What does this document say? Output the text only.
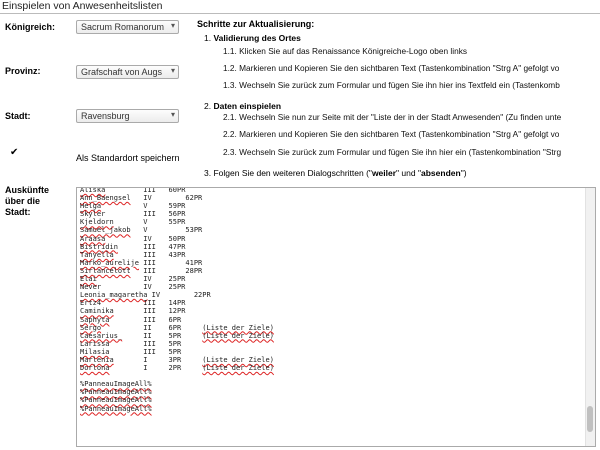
Einspielen von Anwesenheitslisten
Königreich:	Sacrum Romanorum ▾
Provinz:	Grafschaft von Augs ▾
Stadt:	Ravensburg	▾
✔	Als Standardort speichern
Auskünfte
über die
Stadt:
Schritte zur Aktualisierung:
1. Validierung des Ortes
1.1. Klicken Sie auf das Renaissance Königreiche-Logo oben links
1.2. Markieren und Kopieren Sie den sichtbaren Text (Tastenkombination "Strg A" gefolgt vo
1.3. Wechseln Sie zurück zum Formular und fügen Sie ihn hier ins Textfeld ein (Tastenkomb
2. Daten einspielen
2.1. Wechseln Sie nun zur Seite mit der "Liste der in der Stadt Anwesenden" (Zu finden unte
2.2. Markieren und Kopieren Sie den sichtbaren Text (Tastenkombination "Strg A" gefolgt vo
2.3. Wechseln Sie zurück zum Formular und fügen Sie ihn hier ein (Tastenkombination "Strg
3. Folgen Sie den weiteren Dialogschritten ("weiler" und "absenden")
Aliska	III 60PR
Ann_Baengsel IV	62PR
Helga	V	59PR
Skyler	III 56PR
Kjeldorn	V	55PR
Samuel_jakob V	53PR
Araasa	IV 50PR
Bistridin	III 47PR
Tanyella	III 43PR
Marko_aurelije III	41PR
Sirlancelott III	28PR
Elai	IV 25PR
Never	IV 25PR
Leonia_magaretha IV	22PR
Ertz4	III 14PR
Caminika	III 12PR
Saphyta	III 6PR
Sergo	II 6PR	(Liste der Ziele)
Caesarius_	II 5PR	(Liste der Ziele)
Larissa	III 5PR
Milasia	III 5PR
Marlenia	I	3PR	(Liste der Ziele)
Dorlona	I	2PR	(Liste der Ziele)

%PanneauImageAll%
%PanneauImageAll%
%PanneauImageAll%
%PanneauImageAll%
